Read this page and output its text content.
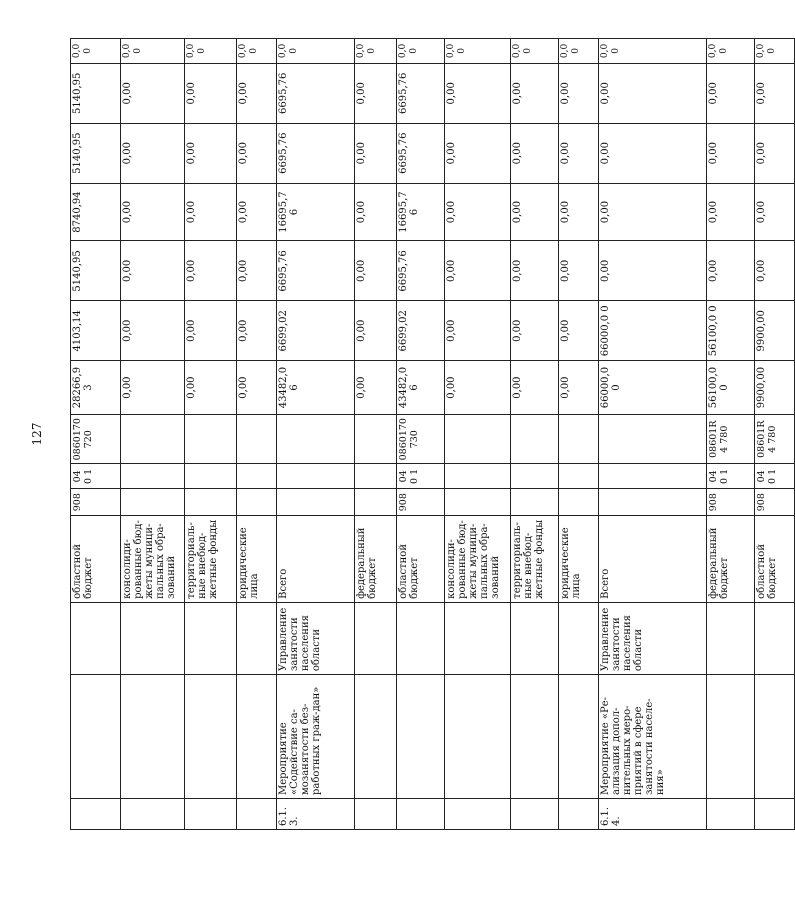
127
			областной бюджет	908	040 1	0860170 720	28266,9 3	4103,14	5140,95	8740,94	5140,95	5140,95	0,0 0
			консолиди-рованные бюд-жеты муници-пальных обра-зований				0,00	0,00	0,00	0,00	0,00	0,00	0,0 0
			территориаль-ные внебюд-жетные фонды				0,00	0,00	0,00	0,00	0,00	0,00	0,0 0
			юридические лица				0,00	0,00	0,00	0,00	0,00	0,00	0,0 0
6.1. 3.	Мероприятие «Содействие са-мозанятости без-работных граж-дан»	Управление занятости населения области	Всего				43482,0 6	6699,02	6695,76	16695,7 6	6695,76	6695,76	0,0 0
			федеральный бюджет				0,00	0,00	0,00	0,00	0,00	0,00	0,0 0
			областной бюджет	908	040 1	0860170 730	43482,0 6	6699,02	6695,76	16695,7 6	6695,76	6695,76	0,0 0
			консолиди-рованные бюд-жеты муници-пальных обра-зований				0,00	0,00	0,00	0,00	0,00	0,00	0,0 0
			территориаль-ные внебюд-жетные фонды				0,00	0,00	0,00	0,00	0,00	0,00	0,0 0
			юридические лица				0,00	0,00	0,00	0,00	0,00	0,00	0,0 0
6.1. 4.	Мероприятие «Ре-ализация допол-нительных меро-приятий в сфере занятости населе-ния»	Управление занятости населения области	Всего				66000,0 0	66000,0 0	0,00	0,00	0,00	0,00	0,0 0
			федеральный бюджет	908	040 1	08601R4 780	56100,0 0	56100,0 0	0,00	0,00	0,00	0,00	0,0 0
			областной бюджет	908	040 1	08601R4 780	9900,00	9900,00	0,00	0,00	0,00	0,00	0,0 0
